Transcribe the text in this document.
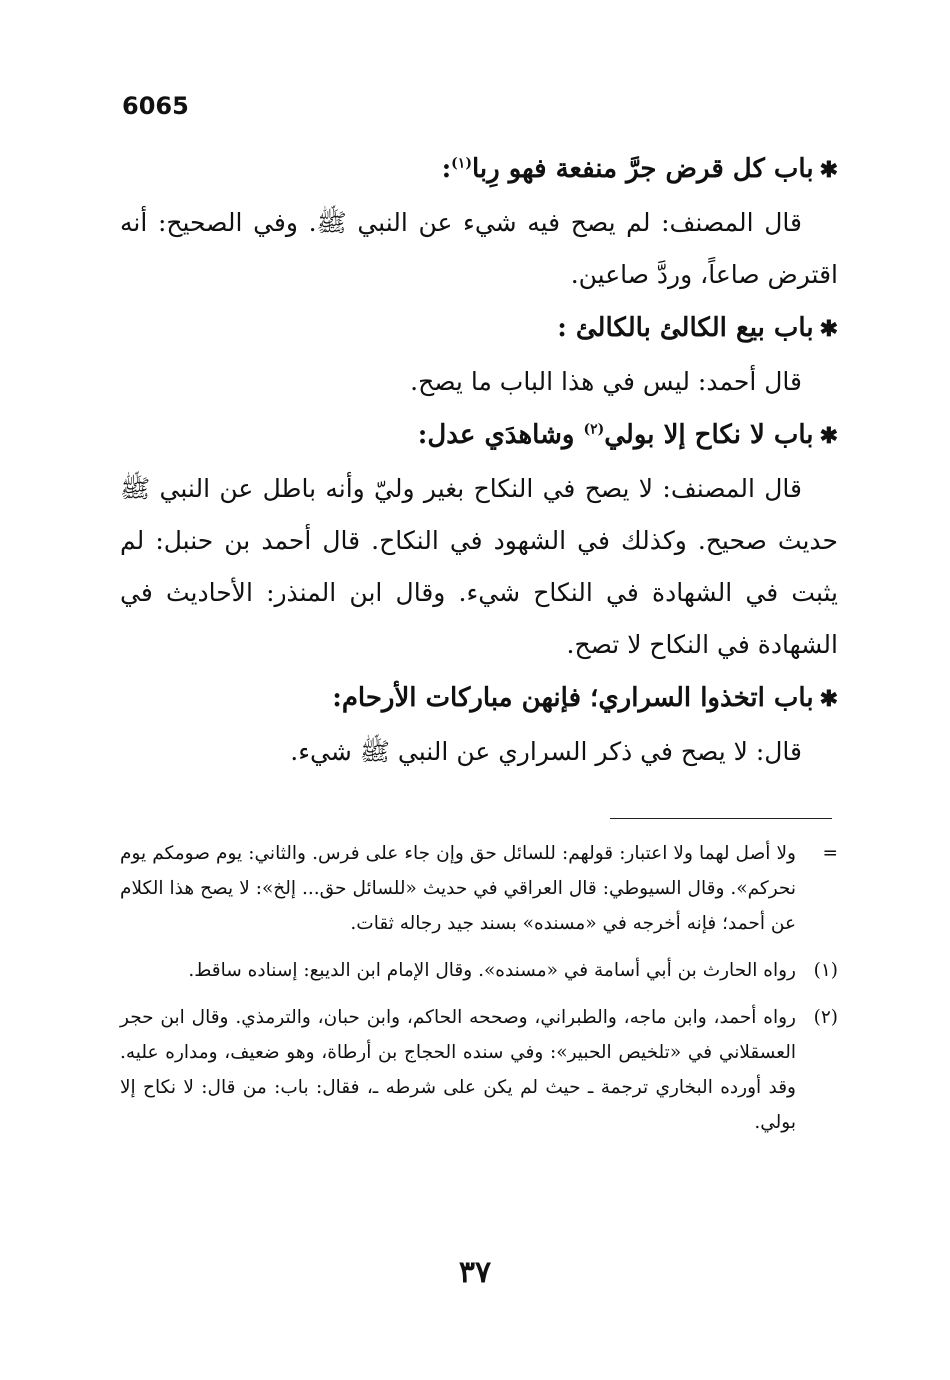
6065

✱باب كل قرض جرَّ منفعة فهو رِبا$^{(١)}$:

قال المصنف: لم يصح فيه شيء عن النبي ﷺ. وفي الصحيح: أنه اقترض صاعاً، وردَّ صاعين.

✱باب بيع الكالئ بالكالئ :

قال أحمد: ليس في هذا الباب ما يصح.

✱باب لا نكاح إلا بولي$^{(٢)}$ وشاهدَي عدل:

قال المصنف: لا يصح في النكاح بغير وليّ وأنه باطل عن النبي ﷺ حديث صحيح. وكذلك في الشهود في النكاح. قال أحمد بن حنبل: لم يثبت في الشهادة في النكاح شيء. وقال ابن المنذر: الأحاديث في الشهادة في النكاح لا تصح.

✱باب اتخذوا السراري؛ فإنهن مباركات الأرحام:

قال: لا يصح في ذكر السراري عن النبي ﷺ شيء.

=
ولا أصل لهما ولا اعتبار: قولهم: للسائل حق وإن جاء على فرس. والثاني: يوم صومكم يوم نحركم». وقال السيوطي: قال العراقي في حديث «للسائل حق... إلخ»: لا يصح هذا الكلام عن أحمد؛ فإنه أخرجه في «مسنده» بسند جيد رجاله ثقات.
(١)
رواه الحارث بن أبي أسامة في «مسنده». وقال الإمام ابن الديبع: إسناده ساقط.
(٢)
رواه أحمد، وابن ماجه، والطبراني، وصححه الحاكم، وابن حبان، والترمذي. وقال ابن حجر العسقلاني في «تلخيص الحبير»: وفي سنده الحجاج بن أرطاة، وهو ضعيف، ومداره عليه. وقد أورده البخاري ترجمة ـ حيث لم يكن على شرطه ـ، فقال: باب: من قال: لا نكاح إلا بولي.
٣٧
